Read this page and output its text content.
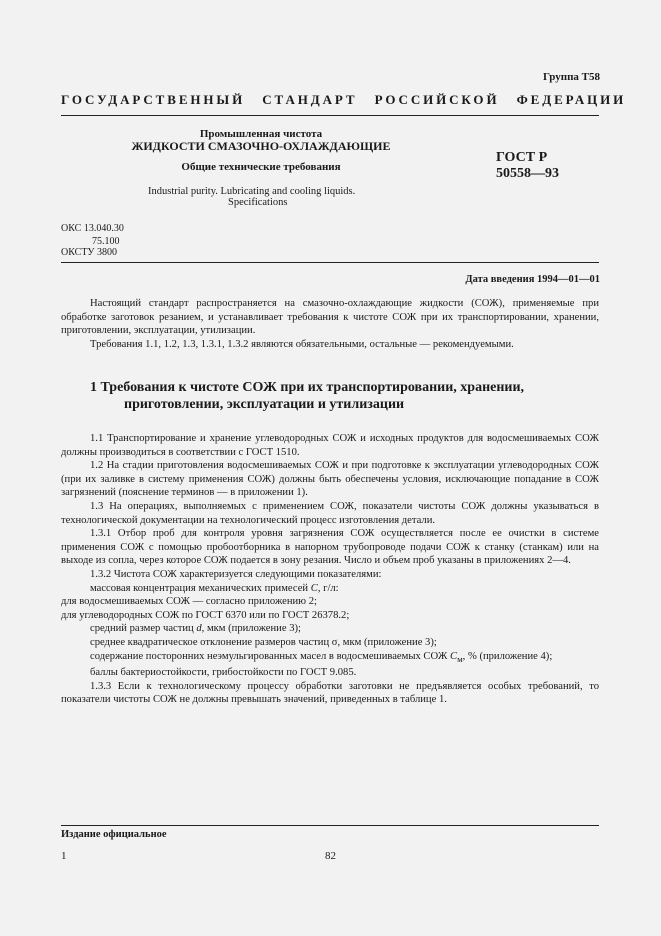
Группа Т58
ГОСУДАРСТВЕННЫЙ СТАНДАРТ РОССИЙСКОЙ ФЕДЕРАЦИИ
Промышленная чистота
ЖИДКОСТИ СМАЗОЧНО-ОХЛАЖДАЮЩИЕ
Общие технические требования
Industrial purity. Lubricating and cooling liquids.
Specifications
ГОСТ Р
50558—93
ОКС 13.040.30
75.100
ОКСТУ 3800
Дата введения 1994—01—01

Настоящий стандарт распространяется на смазочно-охлаждающие жидкости (СОЖ), применяемые при обработке заготовок резанием, и устанавливает требования к чистоте СОЖ при их транспортировании, хранении, приготовлении, эксплуатации, утилизации.

Требования 1.1, 1.2, 1.3, 1.3.1, 1.3.2 являются обязательными, остальные — рекомендуемыми.

1 Требования к чистоте СОЖ при их транспортировании, хранении,
приготовлении, эксплуатации и утилизации

1.1 Транспортирование и хранение углеводородных СОЖ и исходных продуктов для водосмешиваемых СОЖ должны производиться в соответствии с ГОСТ 1510.

1.2 На стадии приготовления водосмешиваемых СОЖ и при подготовке к эксплуатации углеводородных СОЖ (при их заливке в систему применения СОЖ) должны быть обеспечены условия, исключающие попадание в СОЖ загрязнений (пояснение терминов — в приложении 1).

1.3 На операциях, выполняемых с применением СОЖ, показатели чистоты СОЖ должны указываться в технологической документации на технологический процесс изготовления детали.

1.3.1 Отбор проб для контроля уровня загрязнения СОЖ осуществляется после ее очистки в системе применения СОЖ с помощью пробоотборника в напорном трубопроводе подачи СОЖ к станку (станкам) или на выходе из сопла, через которое СОЖ подается в зону резания. Число и объем проб указаны в приложениях 2—4.

1.3.2 Чистота СОЖ характеризуется следующими показателями:

массовая концентрация механических примесей C, г/л:

для водосмешиваемых СОЖ — согласно приложению 2;

для углеводородных СОЖ по ГОСТ 6370 или по ГОСТ 26378.2;

средний размер частиц d, мкм (приложение 3);

среднее квадратическое отклонение размеров частиц σ, мкм (приложение 3);

содержание посторонних неэмульгированных масел в водосмешиваемых СОЖ $C_м$, % (приложение 4);

баллы бактериостойкости, грибостойкости по ГОСТ 9.085.

1.3.3 Если к технологическому процессу обработки заготовки не предъявляется особых требований, то показатели чистоты СОЖ не должны превышать значений, приведенных в таблице 1.

Издание официальное
1	82
